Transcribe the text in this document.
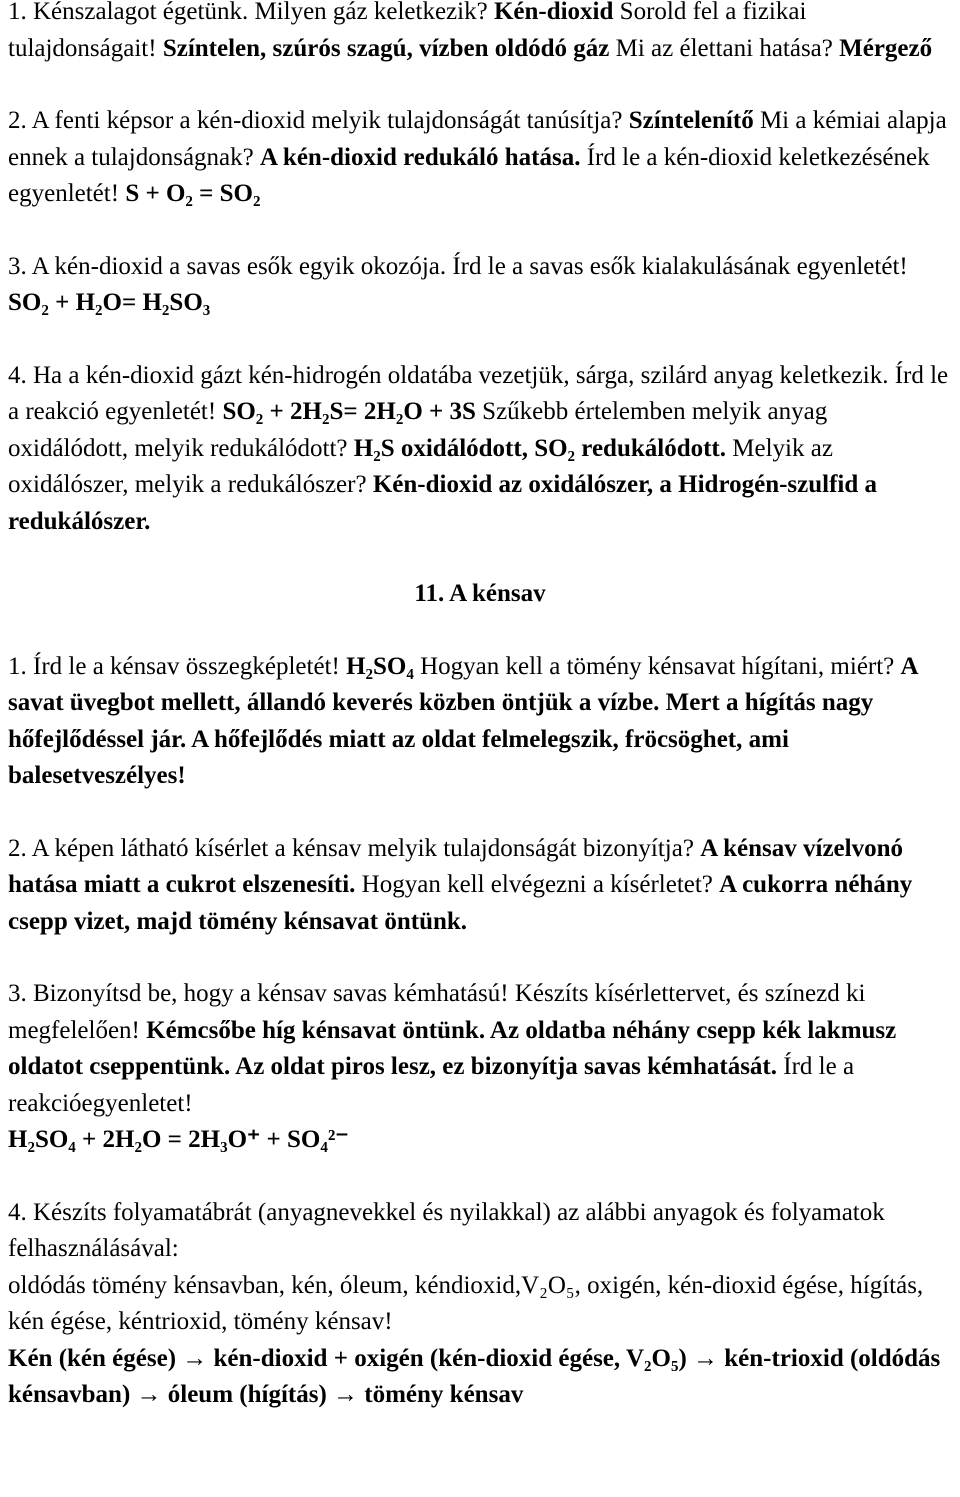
1. Kénszalagot égetünk. Milyen gáz keletkezik? Kén-dioxid Sorold fel a fizikai tulajdonságait! Színtelen, szúrós szagú, vízben oldódó gáz Mi az élettani hatása? Mérgező

2. A fenti képsor a kén-dioxid melyik tulajdonságát tanúsítja? Színtelenítő Mi a kémiai alapja ennek a tulajdonságnak? A kén-dioxid redukáló hatása. Írd le a kén-dioxid keletkezésének egyenletét! S + O₂ = SO₂

3. A kén-dioxid a savas esők egyik okozója. Írd le a savas esők kialakulásának egyenletét! SO₂ + H₂O= H₂SO₃

4. Ha a kén-dioxid gázt kén-hidrogén oldatába vezetjük, sárga, szilárd anyag keletkezik. Írd le a reakció egyenletét! SO₂ + 2H₂S= 2H₂O + 3S Szűkebb értelemben melyik anyag oxidálódott, melyik redukálódott? H₂S oxidálódott, SO₂ redukálódott. Melyik az oxidálószer, melyik a redukálószer? Kén-dioxid az oxidálószer, a Hidrogén-szulfid a redukálószer.

11. A kénsav

1. Írd le a kénsav összegképletét! H₂SO₄ Hogyan kell a tömény kénsavat hígítani, miért? A savat üvegbot mellett, állandó keverés közben öntjük a vízbe. Mert a hígítás nagy hőfejlődéssel jár. A hőfejlődés miatt az oldat felmelegszik, fröcsöghet, ami balesetveszélyes!

2. A képen látható kísérlet a kénsav melyik tulajdonságát bizonyítja? A kénsav vízelvonó hatása miatt a cukrot elszenesíti. Hogyan kell elvégezni a kísérletet? A cukorra néhány csepp vizet, majd tömény kénsavat öntünk.

3. Bizonyítsd be, hogy a kénsav savas kémhatású! Készíts kísérlettervet, és színezd ki megfelelően! Kémcsőbe híg kénsavat öntünk. Az oldatba néhány csepp kék lakmusz oldatot cseppentünk. Az oldat piros lesz, ez bizonyítja savas kémhatását. Írd le a reakcióegyenletet!
H₂SO₄ + 2H₂O = 2H₃O⁺ + SO₄²⁻

4. Készíts folyamatábrát (anyagnevekkel és nyilakkal) az alábbi anyagok és folyamatok felhasználásával:
oldódás tömény kénsavban, kén, óleum, kéndioxid,V₂O₅, oxigén, kén-dioxid égése, hígítás, kén égése, kéntrioxid, tömény kénsav!
Kén (kén égése) → kén-dioxid + oxigén (kén-dioxid égése, V₂O₅) → kén-trioxid (oldódás kénsavban) → óleum (hígítás) → tömény kénsav
